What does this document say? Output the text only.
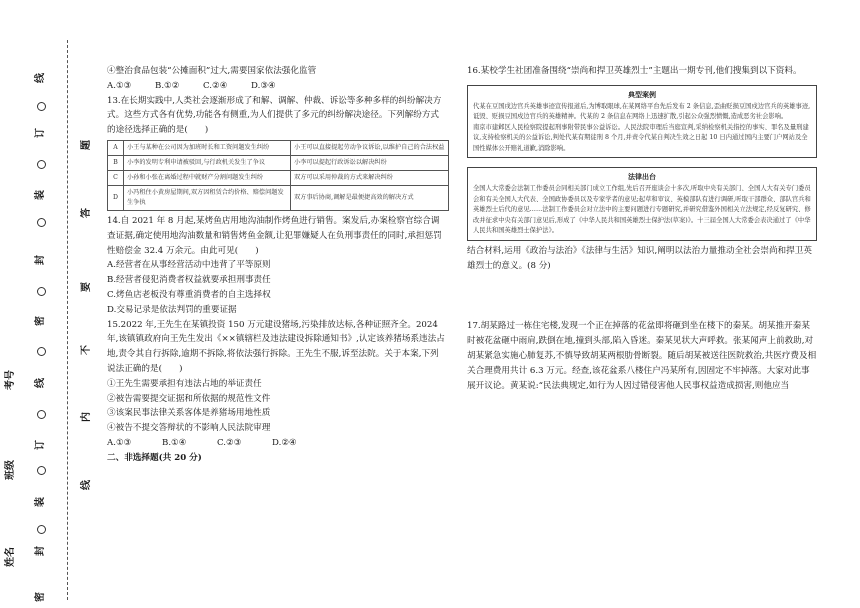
线
订
装
封
密
线
订
装
封
密
题
答
要
不
内
线
考号
班级
姓名

④整治食品包装“公摊面积”过大,需要国家依法强化监管

A.①③	B.①②	C.②④	D.③④

13.在长期实践中,人类社会逐渐形成了和解、调解、仲裁、诉讼等多种多样的纠纷解决方式。这些方式各有优势,功能各有侧重,为人们提供了多元的纠纷解决途径。下列解纷方式的途径选择正确的是(　　)

A	小王与某种在公司因为加班时长和工资问题发生纠纷	小王可以直接提起劳动争议诉讼,以维护自己的合法权益
B	小李的发明专利申请被驳回,与行政机关发生了争议	小李可以提起行政诉讼以解决纠纷
C	小孙和小张在离婚过程中就财产分割问题发生纠纷	双方可以采用仲裁的方式来解决纠纷
D	小冯租住小黄房屋期间,双方因租赁合约价格、赔偿问题发生争执	双方事后协商,调解是最便捷高效的解决方式

14.自 2021 年 8 月起,某烤鱼店用地沟油制作烤鱼进行销售。案发后,办案检察官综合调查证据,确定使用地沟油数量和销售烤鱼金额,让犯罪嫌疑人在负刑事责任的同时,承担惩罚性赔偿金 32.4 万余元。由此可见(　　)

A.经营者在从事经营活动中违背了平等原则

B.经营者侵犯消费者权益就要承担刑事责任

C.烤鱼店老板没有尊重消费者的自主选择权

D.交易记录是依法判罚的重要证据

15.2022 年,王先生在某镇投资 150 万元建设猪场,污染排放达标,各种证照齐全。2024 年,该镇镇政府向王先生发出《××镇辖栏及违法建设拆除通知书》,认定该养猪场系违法占地,责令其自行拆除,逾期不拆除,将依法强行拆除。王先生不服,诉至法院。关于本案,下列说法正确的是(　　)

①王先生需要承担有违法占地的举证责任

②被告需要提交证据和所依据的规范性文件

③该案民事法律关系客体是养猪场用地性质

④被告不提交答辩状的不影响人民法院审理

A.①③	B.①④	C.②③	D.②④

二、非选择题(共 20 分)

16.某校学生社团准备围绕“崇尚和捍卫英雄烈士”主题出一期专刊,他们搜集到以下资料。

典型案例

代某在豆国戌边官兵英雄事迹宣传报道后,为博取眼球,在某网络平台先后发布 2 条信息,歪曲贬损豆国戍边官兵的英雄事迹,诋毁、贬损豆国戍边官兵的英雄精神。代某的 2 条信息在网络上迅速扩散,引起公众强烈愤慨,造成恶劣社会影响。

南京市建邺区人民检察院提起刑事附带民事公益诉讼。人民法院审理后当庭宣判,采纳检察机关指控的事实、罪名及量刑建议,支持检察机关的公益诉讼,判处代某有期徒刑 8 个月,并责令代某自判决生效之日起 10 日内通过国内主要门户网站及全国性媒体公开赔礼道歉,消除影响。

法律出台

全国人大常委会法制工作委员会同相关部门成立工作组,先后召开座谈会十多次,听取中央有关部门、全国人大有关专门委员会和有关全国人大代表、全国政协委员以及专家学者的意见;起草和审议、英模部队有进行调研,听取干部群众、部队官兵和英雄烈士后代的意见……法制工作委员会对立法中的主要问题进行专题研究,并研究借鉴外国相关立法规定,经反复研究、修改并征求中央有关部门意见后,形成了《中华人民共和国英雄烈士保护法(草案)》。十三届全国人大常委会表决通过了《中华人民共和国英雄烈士保护法》。

结合材料,运用《政治与法治》《法律与生活》知识,阐明以法治力量推动全社会崇尚和捍卫英雄烈士的意义。(8 分)

17.胡某路过一栋住宅楼,发现一个正在掉落的花盆即将砸到坐在楼下的秦某。胡某推开秦某时被花盆砸中雨肩,跌倒在地,撞到头部,陷入昏迷。秦某见状大声呼救。张某闻声上前救助,对胡某紧急实施心肺复苏,不慎导致胡某两根肋骨断裂。随后胡某被送往医院救治,共医疗费及相关合理费用共计 6.3 万元。经查,该花盆系八楼住户冯某所有,因固定不牢掉落。大家对此事展开议论。黄某说:“民法典规定,如行为人因过错侵害他人民事权益造成损害,则他应当
